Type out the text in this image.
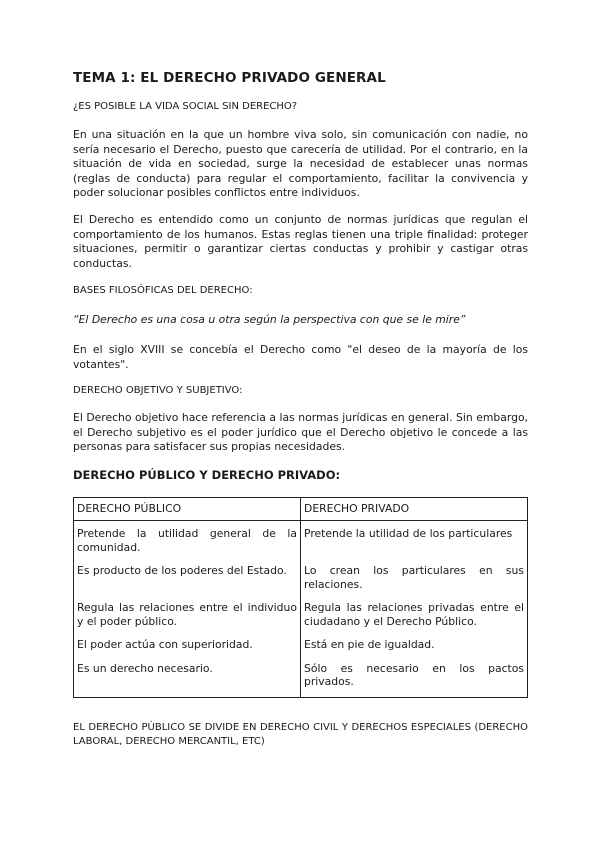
TEMA 1: EL DERECHO PRIVADO GENERAL

¿ES POSIBLE LA VIDA SOCIAL SIN DERECHO?

En una situación en la que un hombre viva solo, sin comunicación con nadie, no sería necesario el Derecho, puesto que carecería de utilidad. Por el contrario, en la situación de vida en sociedad, surge la necesidad de establecer unas normas (reglas de conducta) para regular el comportamiento, facilitar la convivencia y poder solucionar posibles conflictos entre individuos.

El Derecho es entendido como un conjunto de normas jurídicas que regulan el comportamiento de los humanos. Estas reglas tienen una triple finalidad: proteger situaciones, permitir o garantizar ciertas conductas y prohibir y castigar otras conductas.

BASES FILOSÓFICAS DEL DERECHO:

“El Derecho es una cosa u otra según la perspectiva con que se le mire”

En el siglo XVIII se concebía el Derecho como "el deseo de la mayoría de los votantes".

DERECHO OBJETIVO Y SUBJETIVO:

El Derecho objetivo hace referencia a las normas jurídicas en general. Sin embargo, el Derecho subjetivo es el poder jurídico que el Derecho objetivo le concede a las personas para satisfacer sus propias necesidades.

DERECHO PÚBLICO Y DERECHO PRIVADO:

DERECHO PÚBLICO	DERECHO PRIVADO
Pretende la utilidad general de la comunidad.	Pretende la utilidad de los particulares
Es producto de los poderes del Estado.	Lo crean los particulares en sus relaciones.
Regula las relaciones entre el individuo y el poder público.	Regula las relaciones privadas entre el ciudadano y el Derecho Público.
El poder actúa con superioridad.	Está en pie de igualdad.
Es un derecho necesario.	Sólo es necesario en los pactos privados.

EL DERECHO PÚBLICO SE DIVIDE EN DERECHO CIVIL Y DERECHOS ESPECIALES (DERECHO LABORAL, DERECHO MERCANTIL, ETC)
